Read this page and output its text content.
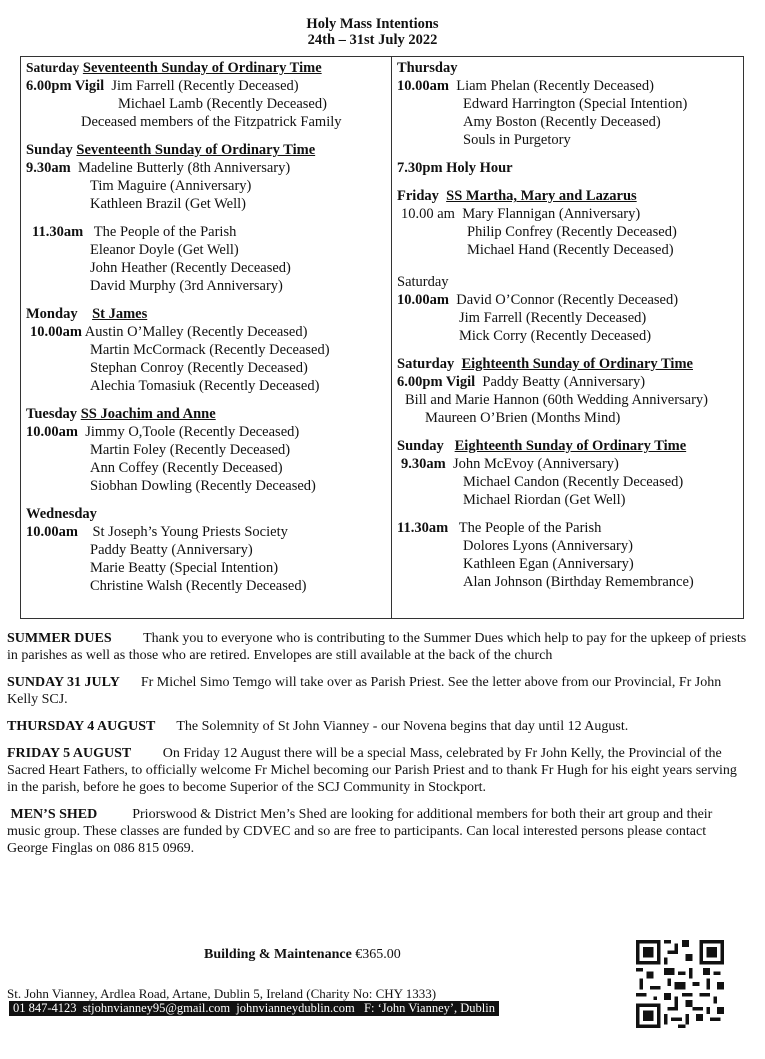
Holy Mass Intentions
24th – 31st July 2022
Saturday Seventeenth Sunday of Ordinary Time
6.00pm Vigil Jim Farrell (Recently Deceased)
Michael Lamb (Recently Deceased)
Deceased members of the Fitzpatrick Family
Sunday Seventeenth Sunday of Ordinary Time
9.30am Madeline Butterly (8th Anniversary)
Tim Maguire (Anniversary)
Kathleen Brazil (Get Well)
11.30am The People of the Parish
Eleanor Doyle (Get Well)
John Heather (Recently Deceased)
David Murphy (3rd Anniversary)
Monday St James
10.00am Austin O’Malley (Recently Deceased)
Martin McCormack (Recently Deceased)
Stephan Conroy (Recently Deceased)
Alechia Tomasiuk (Recently Deceased)
Tuesday SS Joachim and Anne
10.00am Jimmy O,Toole (Recently Deceased)
Martin Foley (Recently Deceased)
Ann Coffey (Recently Deceased)
Siobhan Dowling (Recently Deceased)
Wednesday
10.00am St Joseph’s Young Priests Society
Paddy Beatty (Anniversary)
Marie Beatty (Special Intention)
Christine Walsh (Recently Deceased)
Thursday
10.00am Liam Phelan (Recently Deceased)
Edward Harrington (Special Intention)
Amy Boston (Recently Deceased)
Souls in Purgetory
7.30pm Holy Hour
Friday SS Martha, Mary and Lazarus
10.00 am Mary Flannigan (Anniversary)
Philip Confrey (Recently Deceased)
Michael Hand (Recently Deceased)
Saturday
10.00am David O’Connor (Recently Deceased)
Jim Farrell (Recently Deceased)
Mick Corry (Recently Deceased)
Saturday Eighteenth Sunday of Ordinary Time
6.00pm Vigil Paddy Beatty (Anniversary)
Bill and Marie Hannon (60th Wedding Anniversary)
Maureen O’Brien (Months Mind)
Sunday Eighteenth Sunday of Ordinary Time
9.30am John McEvoy (Anniversary)
Michael Candon (Recently Deceased)
Michael Riordan (Get Well)
11.30am The People of the Parish
Dolores Lyons (Anniversary)
Kathleen Egan (Anniversary)
Alan Johnson (Birthday Remembrance)
SUMMER DUES Thank you to everyone who is contributing to the Summer Dues which help to pay for the upkeep of priests in parishes as well as those who are retired. Envelopes are still available at the back of the church
SUNDAY 31 JULY Fr Michel Simo Temgo will take over as Parish Priest. See the letter above from our Provincial, Fr John Kelly SCJ.
THURSDAY 4 AUGUST The Solemnity of St John Vianney - our Novena begins that day until 12 August.
FRIDAY 5 AUGUST On Friday 12 August there will be a special Mass, celebrated by Fr John Kelly, the Provincial of the Sacred Heart Fathers, to officially welcome Fr Michel becoming our Parish Priest and to thank Fr Hugh for his eight years serving in the parish, before he goes to become Superior of the SCJ Community in Stockport.
MEN’S SHED	Priorswood & District Men’s Shed are looking for additional members for both their art group and their music group. These classes are funded by CDVEC and so are free to participants. Can local interested persons please contact George Finglas on 086 815 0969.
Building & Maintenance €365.00
St. John Vianney, Ardlea Road, Artane, Dublin 5, Ireland (Charity No: CHY 1333)
01 847-4123  stjohnvianney95@gmail.com  johnvianneydublin.com   F: ‘John Vianney’, Dublin
